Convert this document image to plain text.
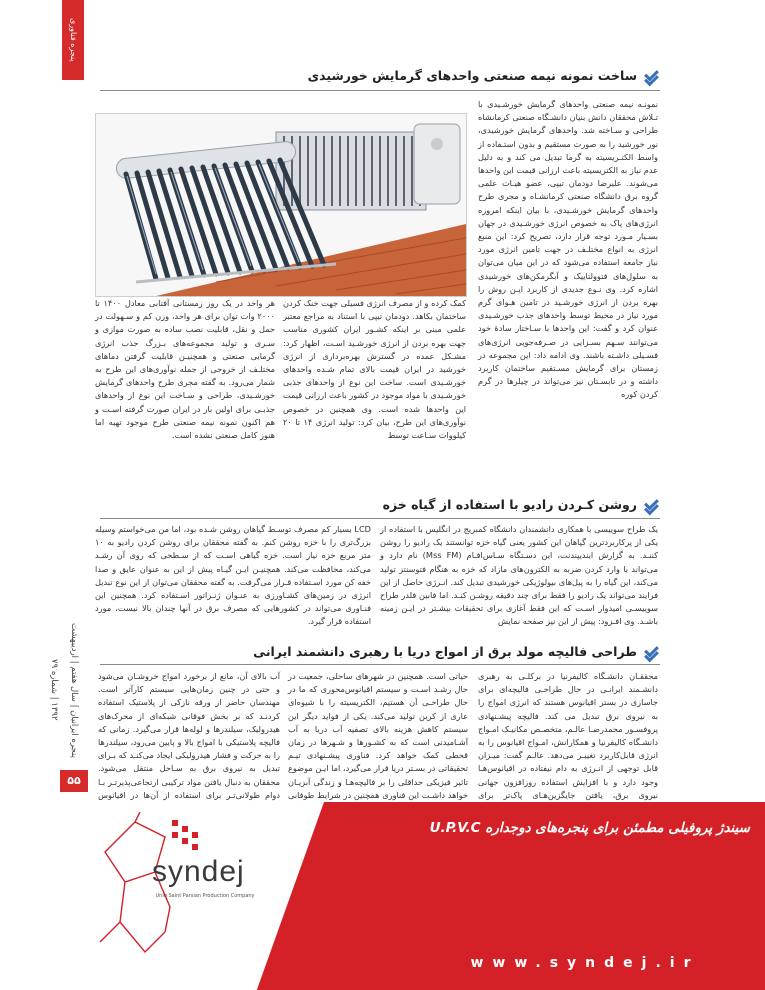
پنجره فناوری
پنجره ایرانیان | سال هفتم | اردیبهشت ۱۳۹۲ | شماره ۷۹
۵۵
ساخت نمونه نیمه صنعتی واحدهای گرمایش خورشیدی
نمونـه نیمه صنعتی واحدهای گرمایش خورشـیدی با تـلاش محققان دانش بنیان دانشـگاه صنعتی کرمانشاه طراحی و سـاخته شد. واحدهای گرمایش خورشیدی، نور خورشید را به صورت مستقیم و بدون استـفاده از واسط الکتـریسیته به گرما تبدیل می کند و به دلیل عدم نیاز به الکتریسیته باعث ارزانی قیمت این واحدها می‌شوند. علیرضا دودمان تیپی، عضو هیـات علمی گروه برق دانشگاه صنعتی کرمانشـاه و مجری طرح واحدهای گرمایش خورشـیدی، با بیان اینکه امروزه انرژی‌های پاک به خصوص انرژی خورشـیدی در جهان بسـیار مـورد توجه قرار دارد، تصریح کرد: این منبع انرژی به انواع مختلـف در جهت تامین انرژی مورد نیاز جامعه استفاده می‌شود که در این میان می‌توان به سلول‌های فتوولتاییک و آبگرمکن‌های خورشیدی اشاره کرد. وی نـوع جدیدی از کاربرد ایـن روش را بهره بردن از انرژی خورشـید در تامین هـوای گرم مورد نیاز در محیط توسط واحدهای جذب خورشـیدی عنوان کرد و گفت: این واحدها با سـاختار سادهٔ خود می‌توانند سـهم بسـزایی در صـرفه‌جویی انرژی‌های فسـیلی داشـته باشند. وی ادامه داد: این مجموعه در زمستان برای گرمایش مسـتقیم ساختمان کاربرد داشته و در تابسـتان نیز می‌تواند در چیلرها در گرم کردن کوره
کمک کرده و از مصرف انرژی فسیلی جهت خنک کردن ساختمان بکاهد. دودمان تیپی با استناد به مراجع معتبر علمی مبنی بر اینکه کشـور ایران کشوری مناسب جهت بهره بردن از انرژی خورشـید اسـت، اظهار کرد: مشـکل عمده در گسترش بهره‌برداری از انرژی خورشید در ایران قیمت بالای تمام شـده واحدهای خورشـیدی است. ساخت این نوع از واحدهای جذبی خورشـیدی با مواد موجود در کشور باعث ارزانی قیمت این واحدها شده است. وی همچنین در خصوص نوآوری‌های این طرح، بیان کرد: تولید انرژی ۱۴ تا ۲۰ کیلووات سـاعت توسط
هر واحد در یک روز زمستانی آفتابی معادل ۱۴۰۰ تا ۲۰۰۰ وات توان برای هر واحد، وزن کم و سـهولت در حمل و نقل، قابلیت نصب ساده به صورت موازی و سـری و تولید مجموعه‌های بـزرگ جذب انرژی گرمایی صنعتی و همچنیـن قابلیت گرفتن دماهای مختلـف از خروجی از جمله نوآوری‌های این طرح به شمار می‌رود. به گفته مجری طرح واحدهای گرمایش خورشـیدی، طراحی و سـاخت این نوع از واحدهای جذبـی برای اولین بار در ایران صورت گرفته اسـت و هم اکنون نمونه نیمه صنعتی طرح موجود تهیه اما هنوز کامل صنعتی نشده است.
روشن کـردن رادیو با استفاده از گیاه خزه
یک طراح سوییسی با همکاری دانشمندان دانشگاه کمبریج در انگلیس با استفاده از یکی از پرکاربردترین گیاهان این کشور یعنی گیاه خزه توانستند یک رادیو را روشن کننـد. به گزارش ایندیپندنت، این دسـتگاه سـاس‌افـام (Mss FM) نام دارد و می‌تواند با وارد کردن ضربه به الکترون‌های مازاد که خزه به هنگام فتوسنتز تولید می‌کند، این گیاه را به پیل‌های بیولوژیکی خورشیدی تبدیل کند. انـرژی حاصل از این فرایند می‌تواند یک رادیو را فقط برای چند دقیقه روشـن کنـد. اما فابین فلدر طراح سوییسـی امیدوار اسـت که این فقط آغازی برای تحقیقات بیشـتر در ایـن زمینه باشـد. وی افـزود: پیش از این نیز صفحه نمایش
LCD بسیار کم مصرف توسـط گیاهان روشن شـده بود، اما من می‌خواستم وسیله بزرگ‌تری را با خزه روشن کنم. به گفته محققان برای روشن کردن رادیو به ۱۰ متر مربع خزه نیاز است. خزه گیاهی اسـت که از سـطحی که روی آن رشـد می‌کند، محافظت می‌کند. همچنیـن ایـن گیـاه پیش از این به عنوان عایق و صدا خفه کن مورد اسـتفاده قـرار می‌گرفت. به گفته محققان می‌توان از این نوع تبدیل انرژی در زمین‌های کشـاورزی به عنـوان ژنـراتور اسـتفاده کرد. همچنین این فنـاوری می‌تواند در کشورهایی که مصرف برق در آنها چندان بالا نیست، مورد استفاده قرار گیرد.
طراحی فالیچه مولد برق از امواج دریا با رهبری دانشمند ایرانی
محققـان دانشـگاه کالیفرنیا در برکلـی به رهبری دانشـمند ایرانـی در حال طراحـی فالیچه‌ای برای جاسازی در بستر اقیانوس هستند که انرژی امواج را به نیروی برق تبدیل می کند. فالیچه پیشـنهادی پروفسـور محمدرضـا عالـم، متخصـص مکانیـک امـواج دانشـگاه کالیفرنیا و همکارانش، امـواج اقیانوس را به انرژی قابل‌کاربرد تغییـر می‌دهد. عالـم گفت: میـزان قابل توجهی از انـرژی به دام نیفتاده در اقیانوس‌هـا وجود دارد و با افزایش استفاده روزافزون جهانی نیروی برق، یافتن جایگزین‌هـای پاک‌تر برای
حیاتی است. همچنین در شهرهای ساحلی، جمعیت در حال رشـد اسـت و سیستم اقیانوس‌محوری که ما در حال طراحـی آن هستیم، الکتریسیته را با شیوه‌ای عاری از کربن تولید می‌کند. یکی از فواید دیگر این سیستم کاهش هزینه بالای تصفیه آب دریا به آب آشـامیدنی است که به کشـورها و شـهرها در زمان قحطی کمک خواهد کرد. فناوری پیشـنهادی تیـم تحقیقاتی در بسـتر دریا قرار می‌گیرد، اما ایـن موضوع تاثیر فیزیکی حداقلی را بر فالیچه‌هـا و زندگی آبزیـان خواهد داشـت این فناوری همچنین در شرایط طوفانی
آب بالای آن، مانع از برخورد امواج خروشـان می‌شود و حتی در چنین زمان‌هایی سیستم کارآتر است. مهندسان حاضر از ورقه نازکی از پلاستیک استفاده کردنـد که بر بخش فوقانی شبکه‌ای از محرک‌های هیدرولیک، سیلندرها و لوله‌ها قرار می‌گیرد. زمانی که فالیچه پلاستیکی با امواج بالا و پایین می‌رود، سیلندرها را به حرکت و فشار هیدرولیکی ایجاد می‌کنـد که بـرای تبدیل به نیروی برق به سـاحل منتقل می‌شود. محققان به دنبال یافتن مواد ترکیبی ارتجاعی‌پذیرتـر بـا دوام طولانی‌تـر برای استفاده از آن‌ها در اقیانوس
syndej
Uniq Saint Parsian Production Company
سیندژ پروفیلی مطمئن برای پنجره‌های دوجداره U.P.V.C
www.syndej.ir
